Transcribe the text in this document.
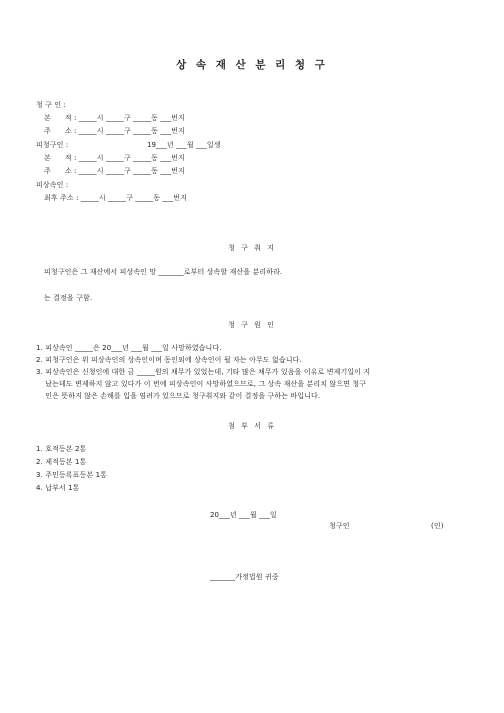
상 속 재 산 분 리 청 구
청 구 인 :
본      적 : _____시 _____구 _____동 ___번지
주      소 : _____시 _____구 _____동 ___번지
피청구인 :	19___년 ___월 ___일생
본      적 : _____시 _____구 _____동 ___번지
주      소 : _____시 _____구 _____동 ___번지
피상속인 :
최후 주소 : _____시 _____구 _____동 ___번지
청 구 취 지
피청구인은 그 재산에서 피상속인 망 _______로부터 상속할 재산을 분리하라.
는 결정을 구함.
청 구 원 인
1. 피상속인 _____은 20___년 ___월 ___일 사망하였습니다.
2. 피청구인은 위 피상속인의 상속인이며 동인외에 상속인이 될 자는 아무도 없습니다.
3. 피상속인은 신청인에 대한 금 _____원의 채무가 있었는데, 기타 많은 채무가 있음을 이유로 변제기일이 지
났는데도 변제하지 않고 있다가 이 번에 피상속인이 사망하였으므로, 그 상속 재산을 분리치 않으면 청구
인은 뜻하지 않은 손해를 입을 염려가 있으므로 청구취지와 같이 결정을 구하는 바입니다.
첨 부 서 류
1. 호적등본 2통
2. 제적등본 1통
3. 주민등록표등본 1통
4. 납부서 1통
20___년 ___월 ___일
청구인	(인)
_______가정법원 귀중
